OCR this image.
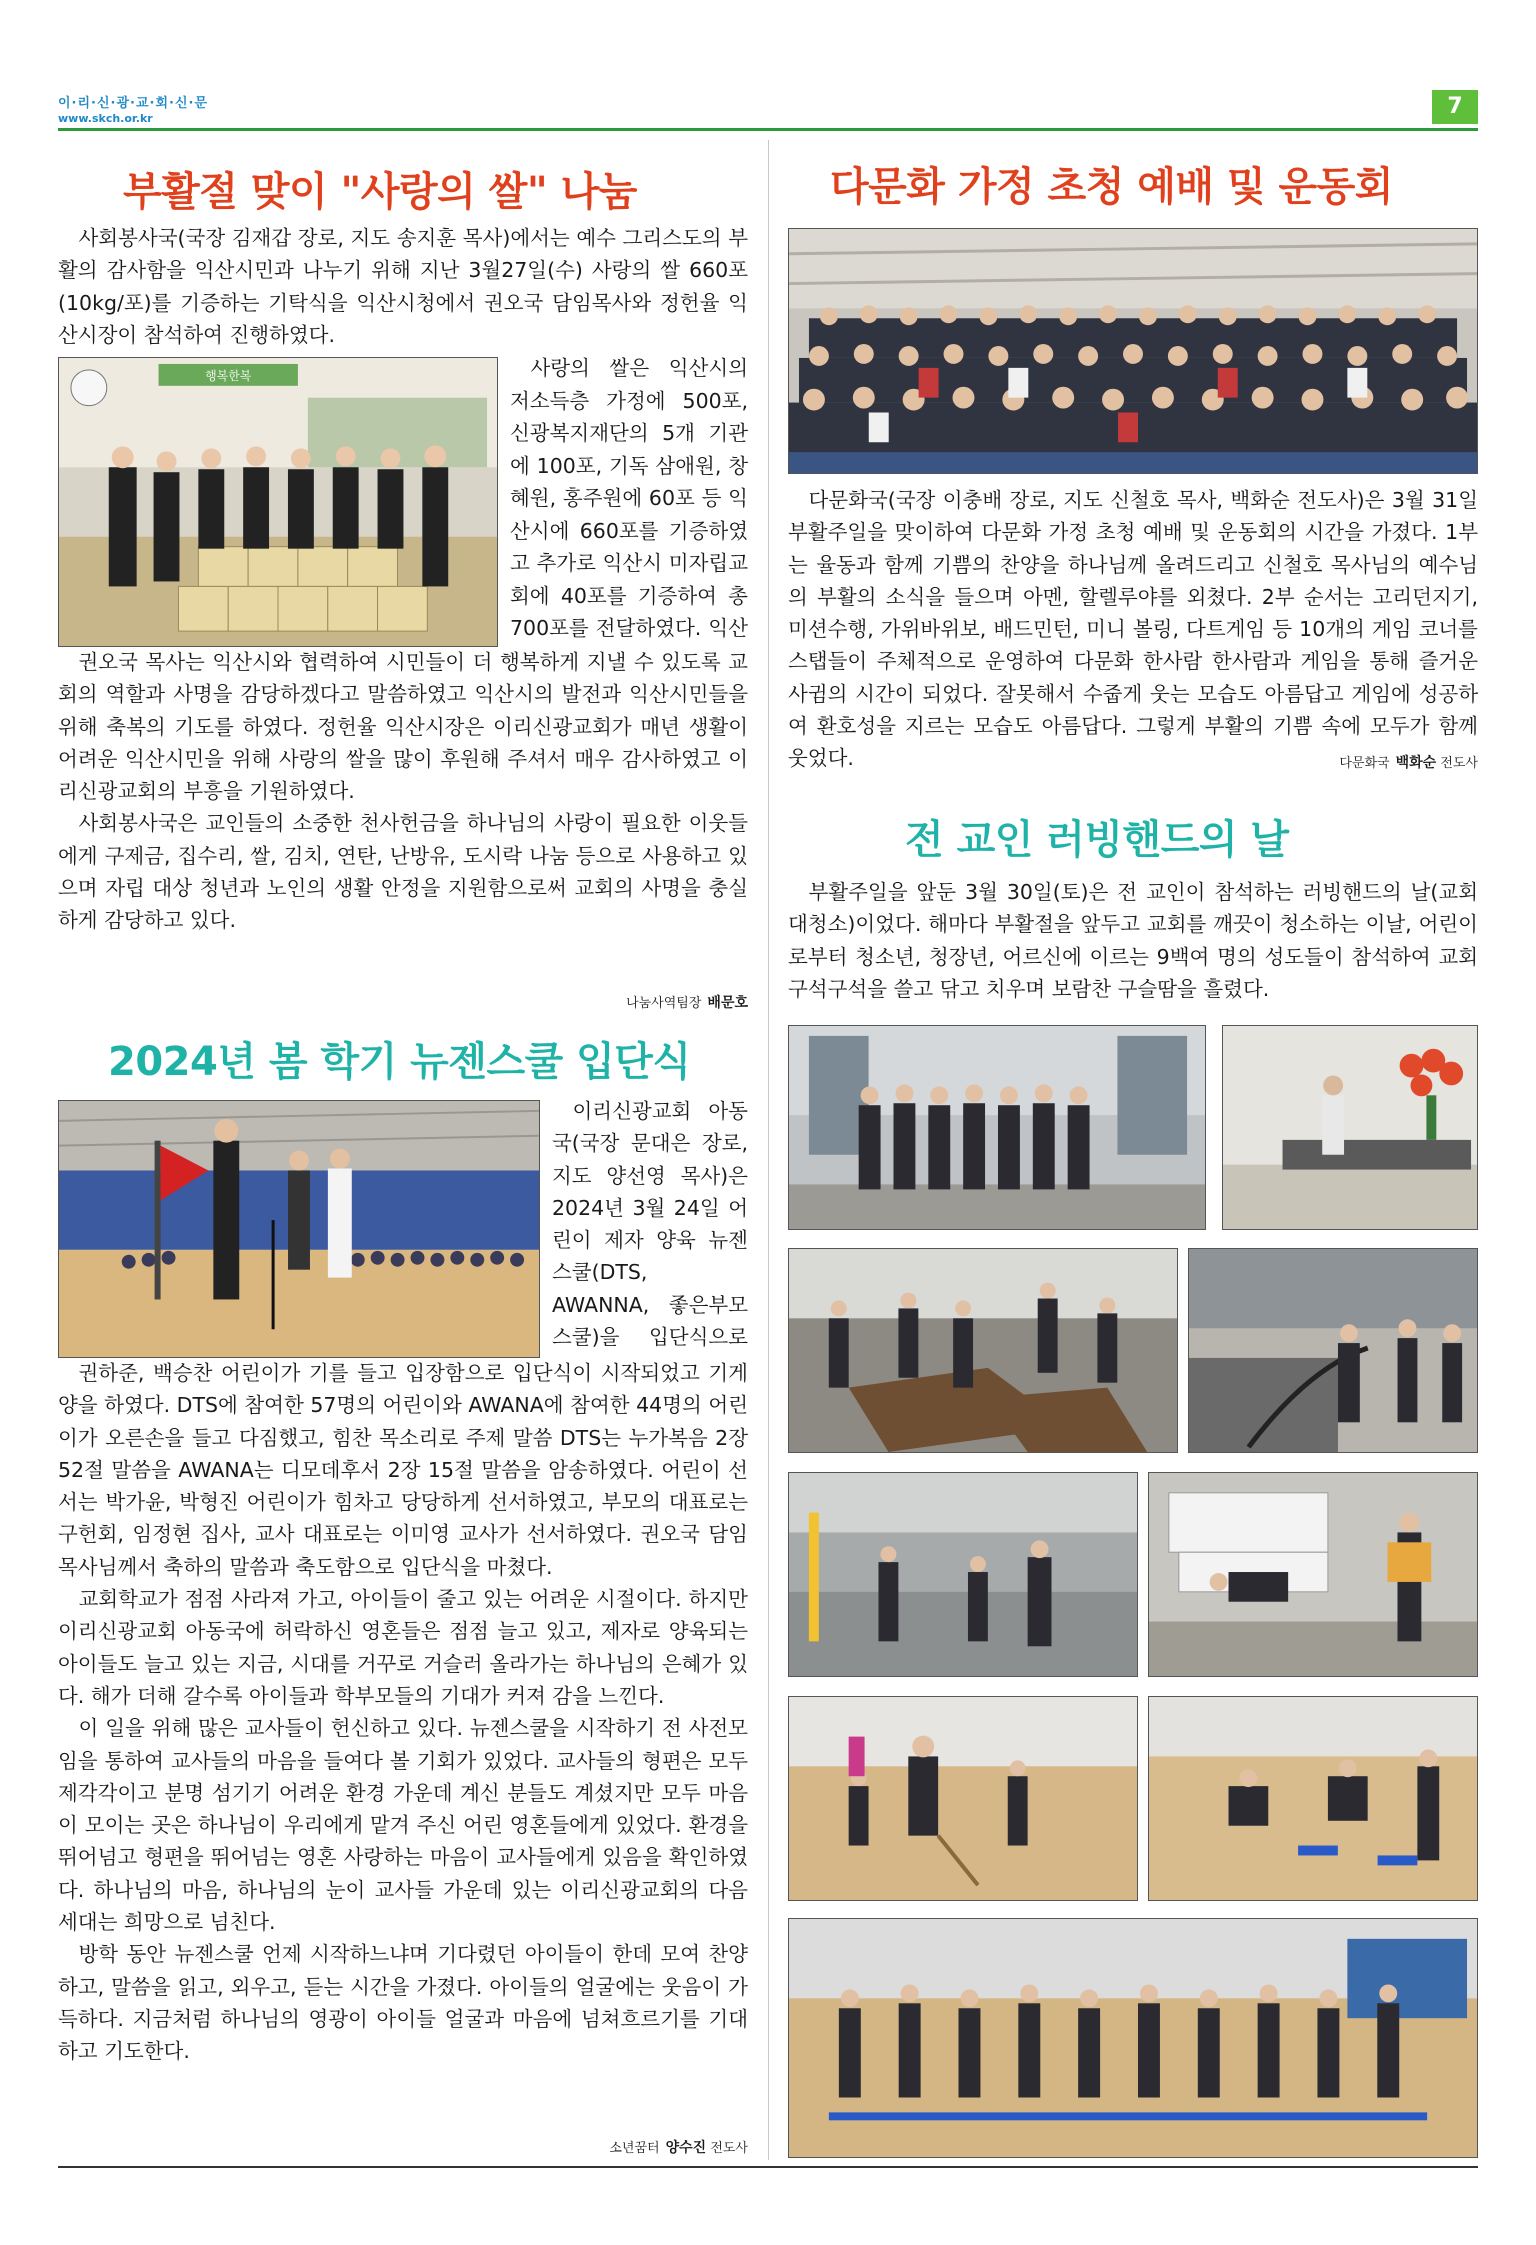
이·리·신·광·교·회·신·문
www.skch.or.kr	7
부활절 맞이 "사랑의 쌀" 나눔

사회봉사국(국장 김재갑 장로, 지도 송지훈 목사)에서는 예수 그리스도의 부활의 감사함을 익산시민과 나누기 위해 지난 3월27일(수) 사랑의 쌀 660포(10kg/포)를 기증하는 기탁식을 익산시청에서 권오국 담임목사와 정헌율 익산시장이 참석하여 진행하였다.

행복한복	사랑의 쌀은 익산시의 저소득층 가정에 500포, 신광복지재단의 5개 기관에 100포, 기독 삼애원, 창혜원, 홍주원에 60포 등 익산시에 660포를 기증하였고 추가로 익산시 미자립교회에 40포를 기증하여 총 700포를 전달하였다. 익산

권오국 목사는 익산시와 협력하여 시민들이 더 행복하게 지낼 수 있도록 교회의 역할과 사명을 감당하겠다고 말씀하였고 익산시의 발전과 익산시민들을 위해 축복의 기도를 하였다. 정헌율 익산시장은 이리신광교회가 매년 생활이 어려운 익산시민을 위해 사랑의 쌀을 많이 후원해 주셔서 매우 감사하였고 이리신광교회의 부흥을 기원하였다.

사회봉사국은 교인들의 소중한 천사헌금을 하나님의 사랑이 필요한 이웃들에게 구제금, 집수리, 쌀, 김치, 연탄, 난방유, 도시락 나눔 등으로 사용하고 있으며 자립 대상 청년과 노인의 생활 안정을 지원함으로써 교회의 사명을 충실하게 감당하고 있다.

나눔사역팀장 배문호
2024년 봄 학기 뉴젠스쿨 입단식

이리신광교회 아동국(국장 문대은 장로, 지도 양선영 목사)은 2024년 3월 24일 어린이 제자 양육 뉴젠스쿨(DTS, AWANNA, 좋은부모스쿨)을 입단식으로

권하준, 백승찬 어린이가 기를 들고 입장함으로 입단식이 시작되었고 기게양을 하였다. DTS에 참여한 57명의 어린이와 AWANA에 참여한 44명의 어린이가 오른손을 들고 다짐했고, 힘찬 목소리로 주제 말씀 DTS는 누가복음 2장 52절 말씀을 AWANA는 디모데후서 2장 15절 말씀을 암송하였다. 어린이 선서는 박가윤, 박형진 어린이가 힘차고 당당하게 선서하였고, 부모의 대표로는 구헌회, 임정현 집사, 교사 대표로는 이미영 교사가 선서하였다. 권오국 담임목사님께서 축하의 말씀과 축도함으로 입단식을 마쳤다.

교회학교가 점점 사라져 가고, 아이들이 줄고 있는 어려운 시절이다. 하지만 이리신광교회 아동국에 허락하신 영혼들은 점점 늘고 있고, 제자로 양육되는 아이들도 늘고 있는 지금, 시대를 거꾸로 거슬러 올라가는 하나님의 은혜가 있다. 해가 더해 갈수록 아이들과 학부모들의 기대가 커져 감을 느낀다.

이 일을 위해 많은 교사들이 헌신하고 있다. 뉴젠스쿨을 시작하기 전 사전모임을 통하여 교사들의 마음을 들여다 볼 기회가 있었다. 교사들의 형편은 모두 제각각이고 분명 섬기기 어려운 환경 가운데 계신 분들도 계셨지만 모두 마음이 모이는 곳은 하나님이 우리에게 맡겨 주신 어린 영혼들에게 있었다. 환경을 뛰어넘고 형편을 뛰어넘는 영혼 사랑하는 마음이 교사들에게 있음을 확인하였다. 하나님의 마음, 하나님의 눈이 교사들 가운데 있는 이리신광교회의 다음 세대는 희망으로 넘친다.

방학 동안 뉴젠스쿨 언제 시작하느냐며 기다렸던 아이들이 한데 모여 찬양하고, 말씀을 읽고, 외우고, 듣는 시간을 가졌다. 아이들의 얼굴에는 웃음이 가득하다. 지금처럼 하나님의 영광이 아이들 얼굴과 마음에 넘쳐흐르기를 기대하고 기도한다.

소년꿈터 양수진 전도사
다문화 가정 초청 예배 및 운동회

다문화국(국장 이충배 장로, 지도 신철호 목사, 백화순 전도사)은 3월 31일 부활주일을 맞이하여 다문화 가정 초청 예배 및 운동회의 시간을 가졌다. 1부는 율동과 함께 기쁨의 찬양을 하나님께 올려드리고 신철호 목사님의 예수님의 부활의 소식을 들으며 아멘, 할렐루야를 외쳤다. 2부 순서는 고리던지기, 미션수행, 가위바위보, 배드민턴, 미니 볼링, 다트게임 등 10개의 게임 코너를 스탭들이 주체적으로 운영하여 다문화 한사람 한사람과 게임을 통해 즐거운 사귐의 시간이 되었다. 잘못해서 수줍게 웃는 모습도 아름답고 게임에 성공하여 환호성을 지르는 모습도 아름답다. 그렇게 부활의 기쁨 속에 모두가 함께 웃었다.	다문화국 백화순 전도사
전 교인 러빙핸드의 날

부활주일을 앞둔 3월 30일(토)은 전 교인이 참석하는 러빙핸드의 날(교회 대청소)이었다. 해마다 부활절을 앞두고 교회를 깨끗이 청소하는 이날, 어린이로부터 청소년, 청장년, 어르신에 이르는 9백여 명의 성도들이 참석하여 교회 구석구석을 쓸고 닦고 치우며 보람찬 구슬땀을 흘렸다.
